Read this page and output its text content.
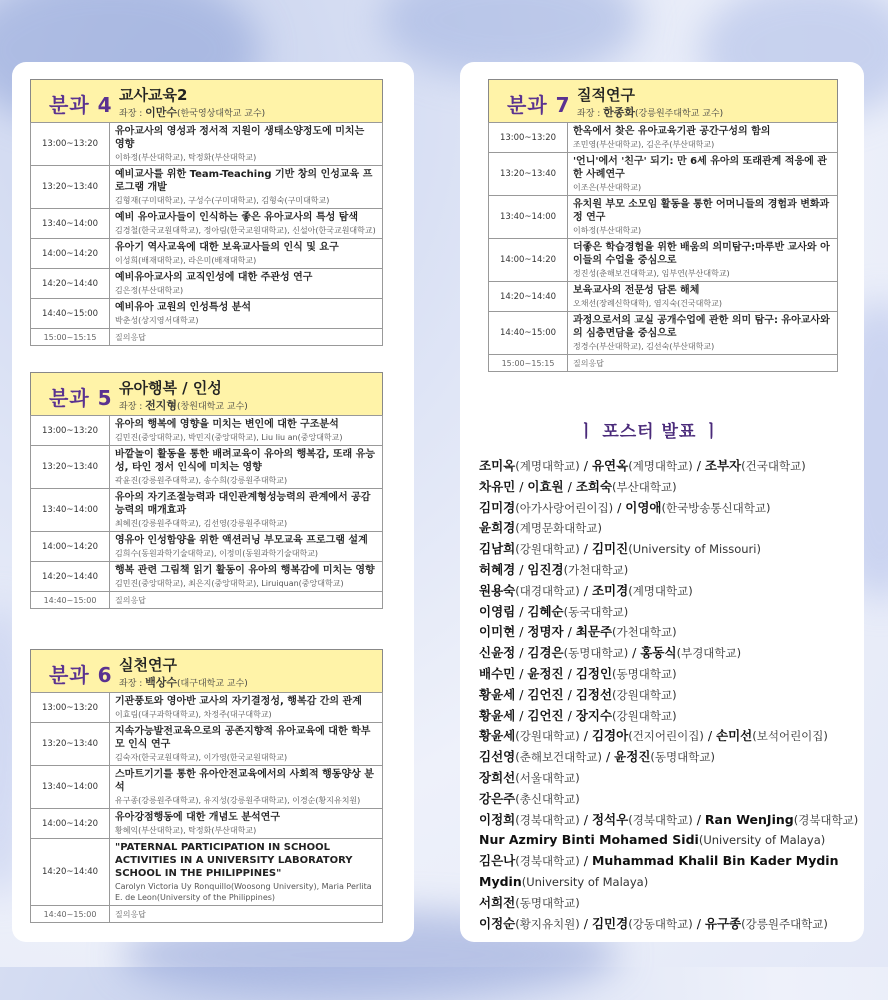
분과 4 교사교육2
좌장 : 이만수(한국영상대학교 교수)
13:00~13:20	유아교사의 영성과 정서적 지원이 생태소양정도에 미치는 영향
이하정(부산대학교), 탁정화(부산대학교)

13:20~13:40	예비교사를 위한 Team-Teaching 기반 창의 인성교육 프로그램 개발
김형재(구미대학교), 구성수(구미대학교), 김형숙(구미대학교)

13:40~14:00	예비 유아교사들이 인식하는 좋은 유아교사의 특성 탐색
김경철(한국교원대학교), 정아림(한국교원대학교), 신설아(한국교원대학교)

14:00~14:20	유아기 역사교육에 대한 보육교사들의 인식 및 요구
이성희(배재대학교), 라은미(배재대학교)

14:20~14:40	예비유아교사의 교직인성에 대한 주관성 연구
김은정(부산대학교)

14:40~15:00	예비유아 교원의 인성특성 분석
박춘성(상지영서대학교)

15:00~15:15	질의응답
분과 5 유아행복 / 인성
좌장 : 전지형(창원대학교 교수)
13:00~13:20	유아의 행복에 영향을 미치는 변인에 대한 구조분석
김민진(중앙대학교), 박민지(중앙대학교), Liu liu an(중앙대학교)

13:20~13:40	바깥놀이 활동을 통한 배려교육이 유아의 행복감, 또래 유능성, 타인 정서 인식에 미치는 영향
곽윤진(강릉원주대학교), 송수희(강릉원주대학교)

13:40~14:00	유아의 자기조절능력과 대인관계형성능력의 관계에서 공감능력의 매개효과
최혜진(강릉원주대학교), 김선영(강릉원주대학교)

14:00~14:20	영유아 인성함양을 위한 액션러닝 부모교육 프로그램 설계
김희수(동원과학기술대학교), 이정미(동원과학기술대학교)

14:20~14:40	행복 관련 그림책 읽기 활동이 유아의 행복감에 미치는 영향
김민진(중앙대학교), 최은지(중앙대학교), Liruiquan(중앙대학교)

14:40~15:00	질의응답
분과 6 실천연구
좌장 : 백상수(대구대학교 교수)
13:00~13:20	기관풍토와 영아반 교사의 자기결정성, 행복감 간의 관계
이효림(대구과학대학교), 차정주(대구대학교)

13:20~13:40	지속가능발전교육으로의 공존지향적 유아교육에 대한 학부모 인식 연구
김숙자(한국교원대학교), 이가영(한국교원대학교)

13:40~14:00	스마트기기를 통한 유아안전교육에서의 사회적 행동양상 분석
유구종(강릉원주대학교), 유지성(강릉원주대학교), 이경순(황지유치원)

14:00~14:20	유아강점행동에 대한 개념도 분석연구
황혜익(부산대학교), 탁정화(부산대학교)

14:20~14:40	"PATERNAL PARTICIPATION IN SCHOOL ACTIVITIES IN A UNIVERSITY LABORATORY SCHOOL IN THE PHILIPPINES"
Carolyn Victoria Uy Ronquillo(Woosong University), Maria Perlita E. de Leon(University of the Philippines)

14:40~15:00	질의응답
분과 7 질적연구
좌장 : 한종화(강릉원주대학교 교수)
13:00~13:20	한옥에서 찾은 유아교육기관 공간구성의 함의
조민영(부산대학교), 김은주(부산대학교)

13:20~13:40	'언니'에서 '친구' 되기: 만 6세 유아의 또래관계 적응에 관한 사례연구
이조은(부산대학교)

13:40~14:00	유치원 부모 소모임 활동을 통한 어머니들의 경험과 변화과정 연구
이하정(부산대학교)

14:00~14:20	더좋은 학습경험을 위한 배움의 의미탐구:마루반 교사와 아이들의 수업을 중심으로
정진성(춘해보건대학교), 임부연(부산대학교)

14:20~14:40	보육교사의 전문성 담론 해체
오채선(장례신학대학), 염지숙(건국대학교)

14:40~15:00	과정으로서의 교실 공개수업에 관한 의미 탐구: 유아교사와의 심층면담을 중심으로
정경수(부산대학교), 김선숙(부산대학교)

15:00~15:15	질의응답
ㅣ 포스터 발표 ㅣ
조미옥(계명대학교) / 유연옥(계명대학교) / 조부자(건국대학교)
차유민 / 이효원 / 조희숙(부산대학교)
김미경(아가사랑어린이집) / 이영애(한국방송통신대학교)
윤희경(계명문화대학교)
김남희(강원대학교) / 김미진(University of Missouri)
허혜경 / 임진경(가천대학교)
원용숙(대경대학교) / 조미경(계명대학교)
이영림 / 김혜순(동국대학교)
이미현 / 정명자 / 최문주(가천대학교)
신윤정 / 김경은(동명대학교) / 홍동식(부경대학교)
배수민 / 윤정진 / 김정인(동명대학교)
황윤세 / 김언진 / 김정선(강원대학교)
황윤세 / 김언진 / 장지수(강원대학교)
황윤세(강원대학교) / 김경아(건지어린이집) / 손미선(보석어린이집)
김선영(춘해보건대학교) / 윤정진(동명대학교)
장희선(서울대학교)
강은주(총신대학교)
이정희(경북대학교) / 정석우(경북대학교) / Ran WenJing(경북대학교)
Nur Azmiry Binti Mohamed Sidi(University of Malaya)
김은나(경북대학교) / Muhammad Khalil Bin Kader Mydin
Mydin(University of Malaya)
서희전(동명대학교)
이정순(황지유치원) / 김민경(강동대학교) / 유구종(강릉원주대학교)
